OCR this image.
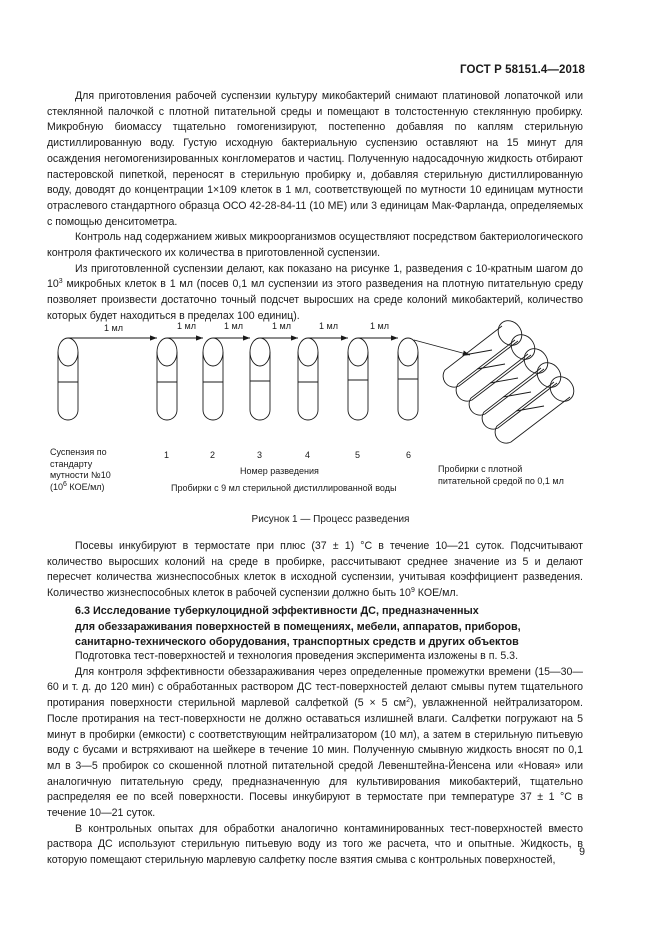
ГОСТ Р 58151.4—2018

Для приготовления рабочей суспензии культуру микобактерий снимают платиновой лопаточкой или стеклянной палочкой с плотной питательной среды и помещают в толстостенную стеклянную пробирку. Микробную биомассу тщательно гомогенизируют, постепенно добавляя по каплям стерильную дистиллированную воду. Густую исходную бактериальную суспензию оставляют на 15 минут для осаждения негомогенизированных конгломератов и частиц. Полученную надосадочную жидкость отбирают пастеровской пипеткой, переносят в стерильную пробирку и, добавляя стерильную дистиллированную воду, доводят до концентрации 1×109 клеток в 1 мл, соответствующей по мутности 10 единицам мутности отраслевого стандартного образца ОСО 42-28-84-11 (10 МЕ) или 3 единицам Мак-Фарланда, определяемых с помощью денситометра.

Контроль над содержанием живых микроорганизмов осуществляют посредством бактериологического контроля фактического их количества в приготовленной суспензии.

Из приготовленной суспензии делают, как показано на рисунке 1, разведения с 10-кратным шагом до $10^3$ микробных клеток в 1 мл (посев 0,1 мл суспензии из этого разведения на плотную питательную среду позволяет произвести достаточно точный подсчет выросших на среде колоний микобактерий, количество которых будет находиться в пределах 100 единиц).

1 мл	1 мл	1 мл	1 мл	1 мл	1 мл
Суспензия по
стандарту
мутности №10
($10^6$ КОЕ/мл)
1	2	3	4	5	6
Номер разведения
Пробирки с 9 мл стерильной дистиллированной воды
Пробирки с плотной
питательной средой по 0,1 мл
Рисунок 1 — Процесс разведения

Посевы инкубируют в термостате при плюс (37 ± 1) °С в течение 10—21 суток. Подсчитывают количество выросших колоний на среде в пробирке, рассчитывают среднее значение из 5 и делают пересчет количества жизнеспособных клеток в исходной суспензии, учитывая коэффициент разведения. Количество жизнеспособных клеток в рабочей суспензии должно быть $10^9$ КОЕ/мл.

6.3 Исследование туберкулоцидной эффективности ДС, предназначенных
для обеззараживания поверхностей в помещениях, мебели, аппаратов, приборов,
санитарно-технического оборудования, транспортных средств и других объектов

Подготовка тест-поверхностей и технология проведения эксперимента изложены в п. 5.3.

Для контроля эффективности обеззараживания через определенные промежутки времени (15—30—60 и т. д. до 120 мин) с обработанных раствором ДС тест-поверхностей делают смывы путем тщательного протирания поверхности стерильной марлевой салфеткой (5 × 5 $см^2$), увлажненной нейтрализатором. После протирания на тест-поверхности не должно оставаться излишней влаги. Салфетки погружают на 5 минут в пробирки (емкости) с соответствующим нейтрализатором (10 мл), а затем в стерильную питьевую воду с бусами и встряхивают на шейкере в течение 10 мин. Полученную смывную жидкость вносят по 0,1 мл в 3—5 пробирок со скошенной плотной питательной средой Левенштейна-Йенсена или «Новая» или аналогичную питательную среду, предназначенную для культивирования микобактерий, тщательно распределяя ее по всей поверхности. Посевы инкубируют в термостате при температуре 37 ± 1 °С в течение 10—21 суток.

В контрольных опытах для обработки аналогично контаминированных тест-поверхностей вместо раствора ДС используют стерильную питьевую воду из того же расчета, что и опытные. Жидкость, в которую помещают стерильную марлевую салфетку после взятия смыва с контрольных поверхностей,

9
